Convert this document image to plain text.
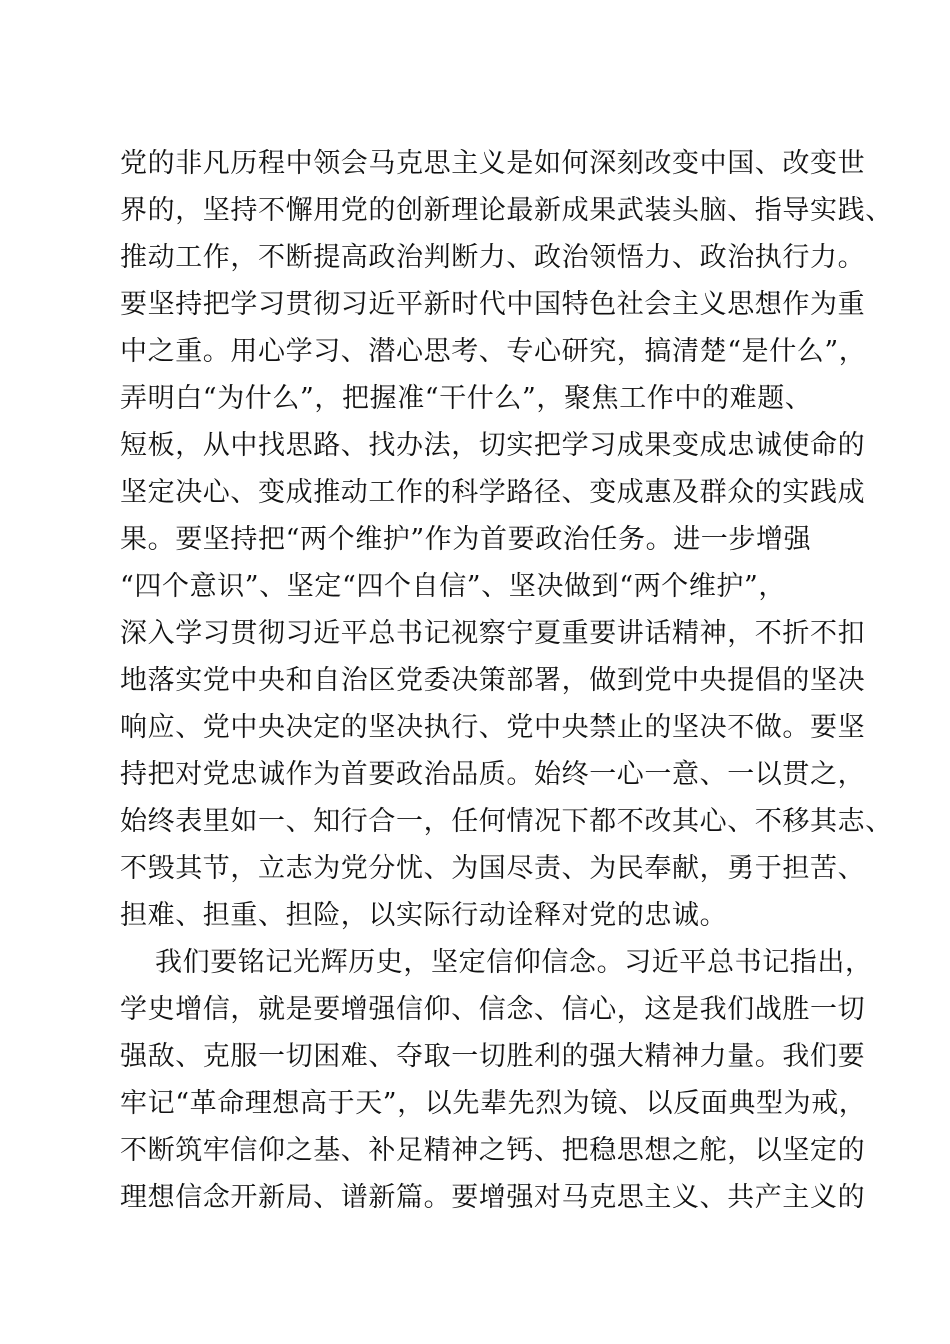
党的非凡历程中领会马克思主义是如何深刻改变中国、改变世
界的，坚持不懈用党的创新理论最新成果武装头脑、指导实践、
推动工作，不断提高政治判断力、政治领悟力、政治执行力。
要坚持把学习贯彻习近平新时代中国特色社会主义思想作为重
中之重。用心学习、潜心思考、专心研究，搞清楚“是什么”，
弄明白“为什么”，把握准“干什么”，聚焦工作中的难题、
短板，从中找思路、找办法，切实把学习成果变成忠诚使命的
坚定决心、变成推动工作的科学路径、变成惠及群众的实践成
果。要坚持把“两个维护”作为首要政治任务。进一步增强
“四个意识”、坚定“四个自信”、坚决做到“两个维护”，
深入学习贯彻习近平总书记视察宁夏重要讲话精神，不折不扣
地落实党中央和自治区党委决策部署，做到党中央提倡的坚决
响应、党中央决定的坚决执行、党中央禁止的坚决不做。要坚
持把对党忠诚作为首要政治品质。始终一心一意、一以贯之，
始终表里如一、知行合一，任何情况下都不改其心、不移其志、
不毁其节，立志为党分忧、为国尽责、为民奉献，勇于担苦、
担难、担重、担险，以实际行动诠释对党的忠诚。
我们要铭记光辉历史，坚定信仰信念。习近平总书记指出，
学史增信，就是要增强信仰、信念、信心，这是我们战胜一切
强敌、克服一切困难、夺取一切胜利的强大精神力量。我们要
牢记“革命理想高于天”，以先辈先烈为镜、以反面典型为戒，
不断筑牢信仰之基、补足精神之钙、把稳思想之舵，以坚定的
理想信念开新局、谱新篇。要增强对马克思主义、共产主义的
